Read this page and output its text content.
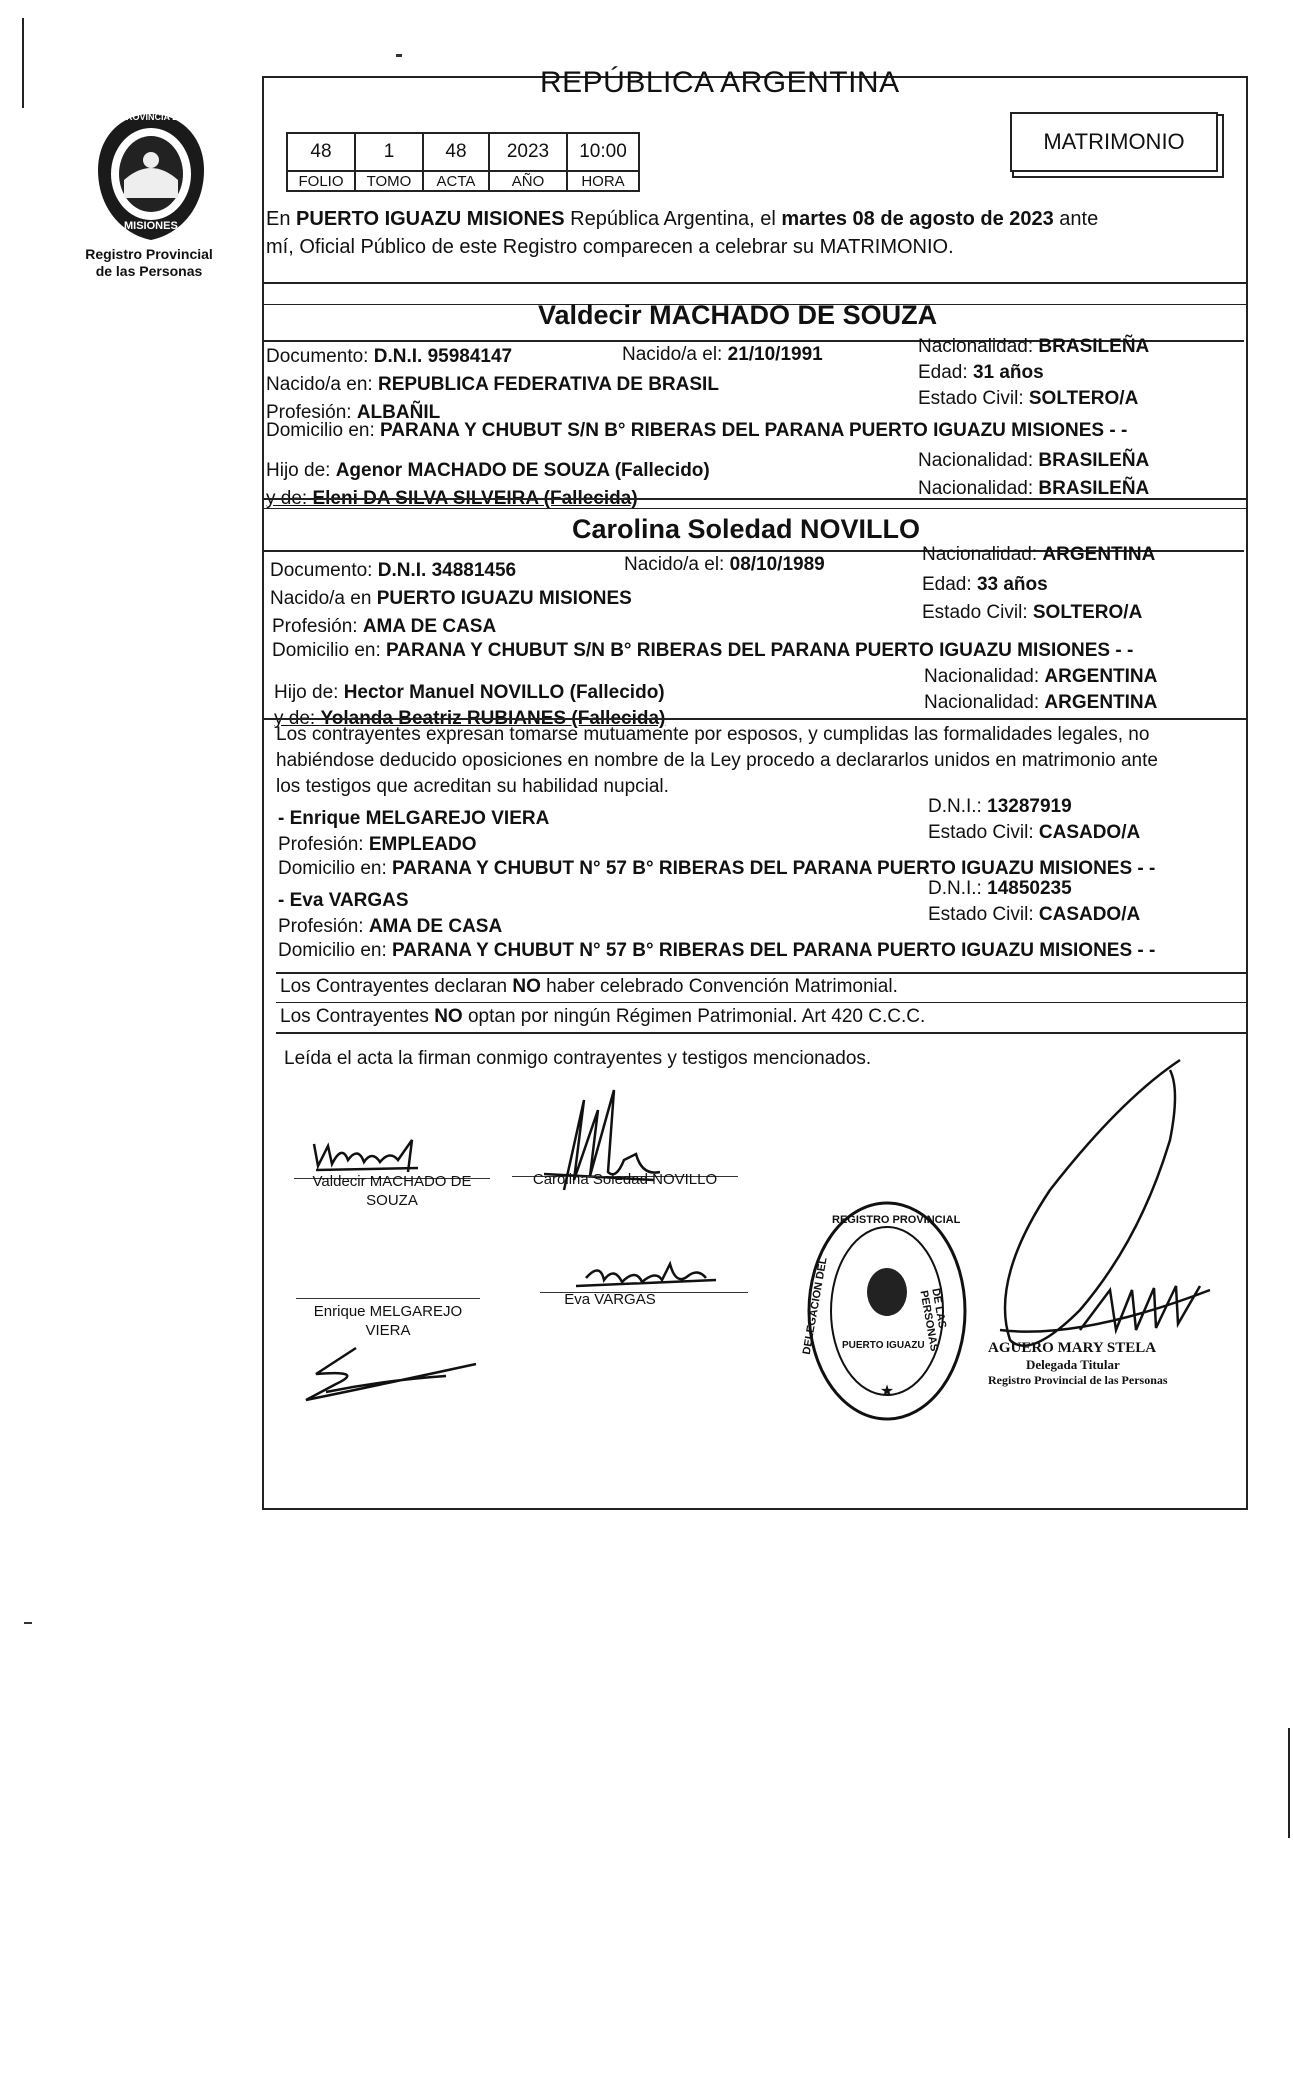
PROVINCIA DE
MISIONES
Registro Provincial
de las Personas
REPÚBLICA ARGENTINA
48	1	48	2023	10:00
FOLIO	TOMO	ACTA	AÑO	HORA
MATRIMONIO
En PUERTO IGUAZU MISIONES República Argentina, el martes 08 de agosto de 2023 ante
mí, Oficial Público de este Registro comparecen a celebrar su MATRIMONIO.
Valdecir MACHADO DE SOUZA
Documento: D.N.I. 95984147	Nacido/a el: 21/10/1991	Nacionalidad: BRASILEÑA
Nacido/a en: REPUBLICA FEDERATIVA DE BRASIL
Edad: 31 años
Estado Civil: SOLTERO/A
Profesión: ALBAÑIL
Domicilio en: PARANA Y CHUBUT S/N B° RIBERAS DEL PARANA PUERTO IGUAZU MISIONES - -
Hijo de: Agenor MACHADO DE SOUZA (Fallecido)	Nacionalidad: BRASILEÑA
y de: Eleni DA SILVA SILVEIRA (Fallecida)	Nacionalidad: BRASILEÑA
Carolina Soledad NOVILLO
Documento: D.N.I. 34881456	Nacido/a el: 08/10/1989	Nacionalidad: ARGENTINA
Nacido/a en PUERTO IGUAZU MISIONES
Edad: 33 años
Estado Civil: SOLTERO/A
Profesión: AMA DE CASA
Domicilio en: PARANA Y CHUBUT S/N B° RIBERAS DEL PARANA PUERTO IGUAZU MISIONES - -
Hijo de: Hector Manuel NOVILLO (Fallecido)
Nacionalidad: ARGENTINA
y de: Yolanda Beatriz RUBIANES (Fallecida)
Nacionalidad: ARGENTINA
Los contrayentes expresan tomarse mutuamente por esposos, y cumplidas las formalidades legales, no
habiéndose deducido oposiciones en nombre de la Ley procedo a declararlos unidos en matrimonio ante
los testigos que acreditan su habilidad nupcial.
- Enrique MELGAREJO VIERA
D.N.I.: 13287919
Profesión: EMPLEADO
Estado Civil: CASADO/A
Domicilio en: PARANA Y CHUBUT N° 57 B° RIBERAS DEL PARANA PUERTO IGUAZU MISIONES - -
- Eva VARGAS
D.N.I.: 14850235
Profesión: AMA DE CASA
Estado Civil: CASADO/A
Domicilio en: PARANA Y CHUBUT N° 57 B° RIBERAS DEL PARANA PUERTO IGUAZU MISIONES - -
Los Contrayentes declaran NO haber celebrado Convención Matrimonial.
Los Contrayentes NO optan por ningún Régimen Patrimonial. Art 420 C.C.C.
Leída el acta la firman conmigo contrayentes y testigos mencionados.
Valdecir MACHADO DE
SOUZA
Carolina Soledad NOVILLO
Enrique MELGAREJO
VIERA
Eva VARGAS
★
REGISTRO PROVINCIAL
DELEGACION DEL	DE LAS PERSONAS
PUERTO IGUAZU	AGUERO MARY STELA
Delegada Titular
Registro Provincial de las Personas
